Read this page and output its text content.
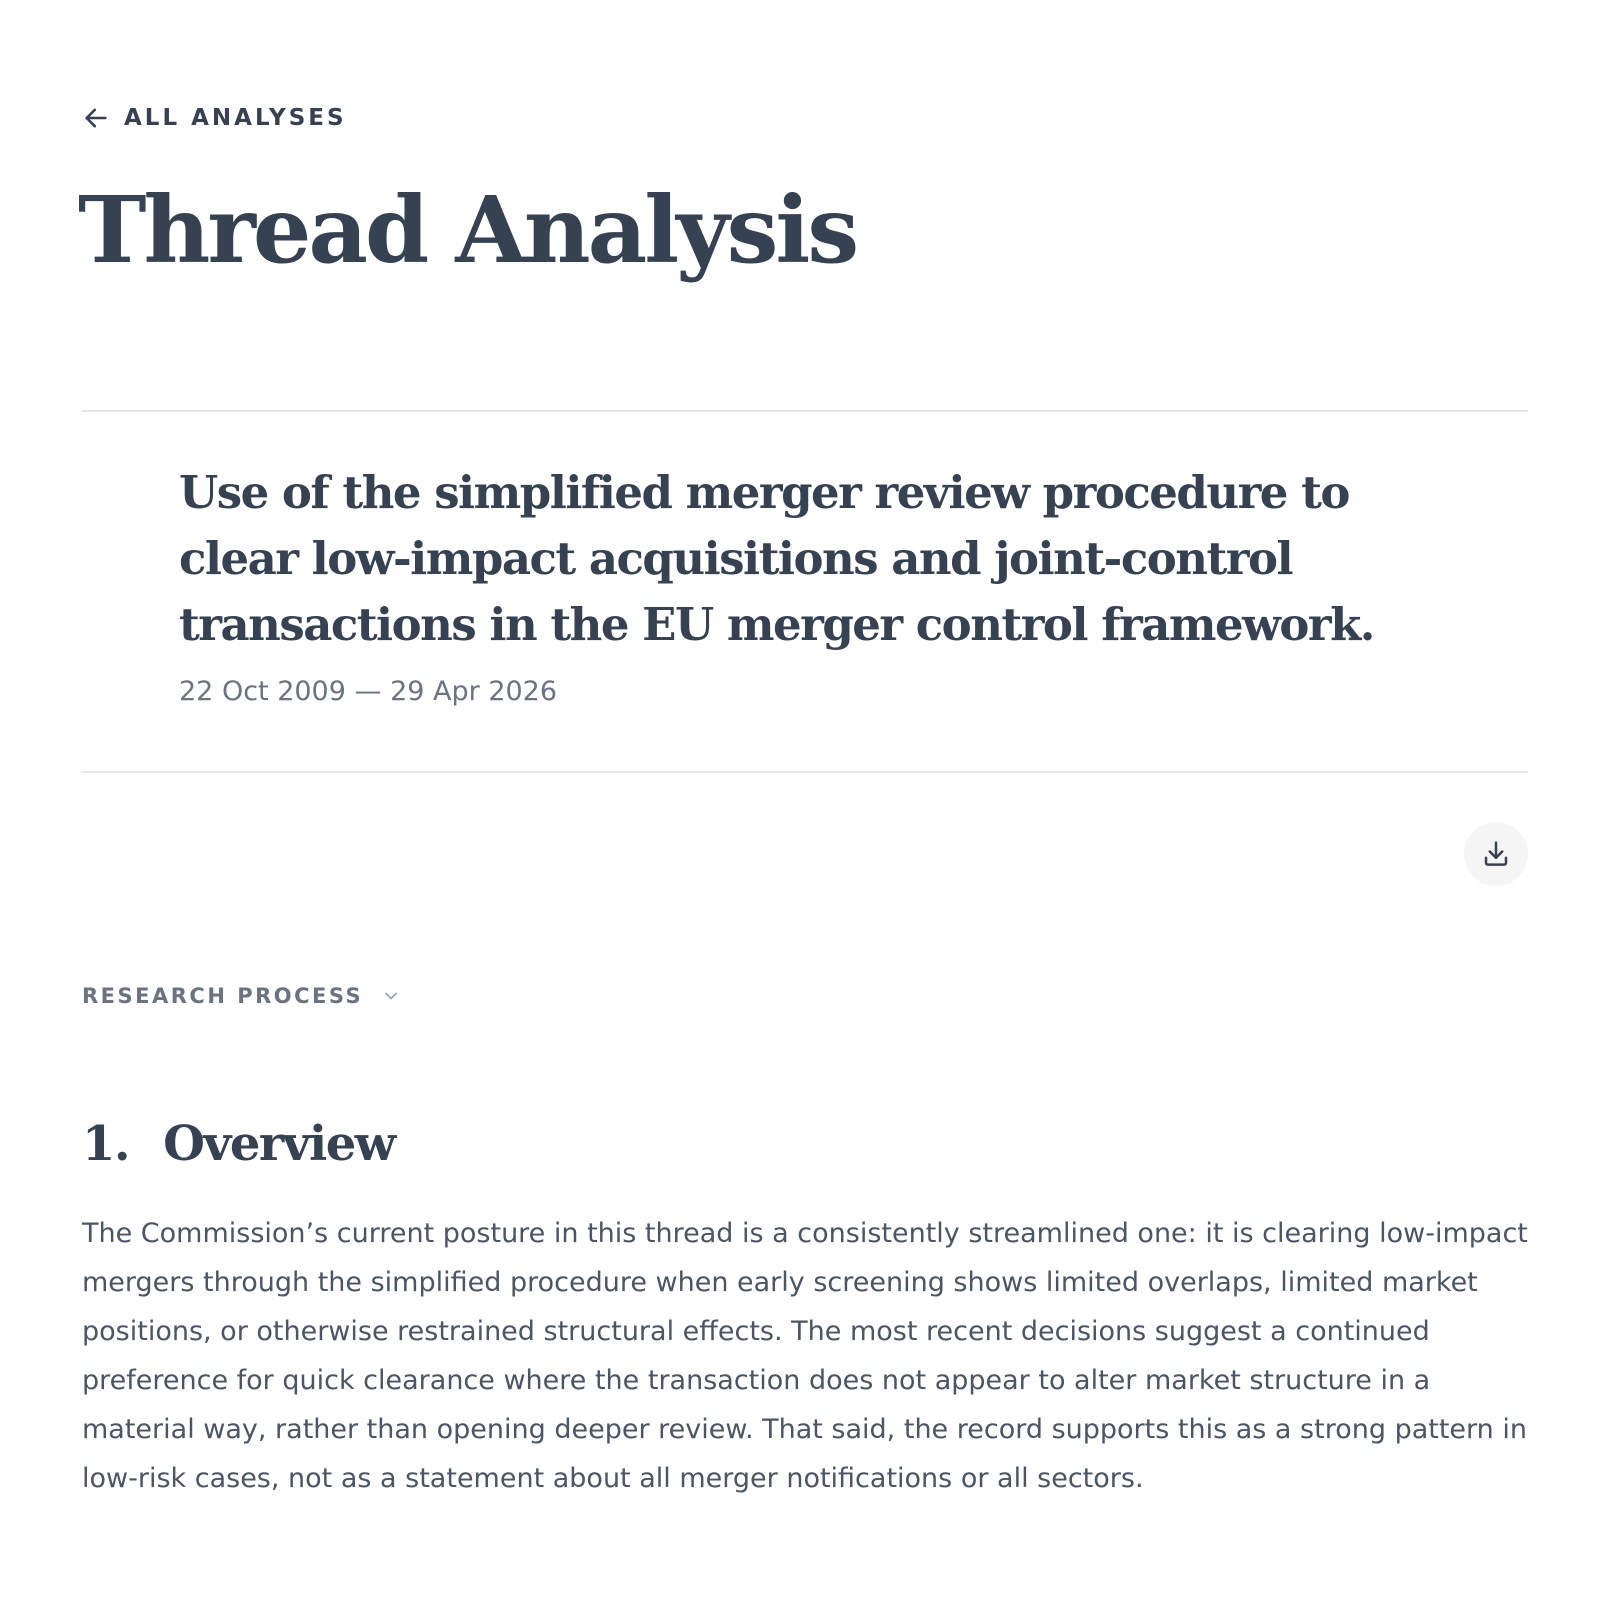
ALL ANALYSES
Thread Analysis
Use of the simplified merger review procedure to clear low-impact acquisitions and joint-control transactions in the EU merger control framework.
22 Oct 2009 — 29 Apr 2026
RESEARCH PROCESS
1. Overview

The Commission’s current posture in this thread is a consistently streamlined one: it is clearing low-impact mergers through the simplified procedure when early screening shows limited overlaps, limited market positions, or otherwise restrained structural effects. The most recent decisions suggest a continued preference for quick clearance where the transaction does not appear to alter market structure in a material way, rather than opening deeper review. That said, the record supports this as a strong pattern in low-risk cases, not as a statement about all merger notifications or all sectors.
